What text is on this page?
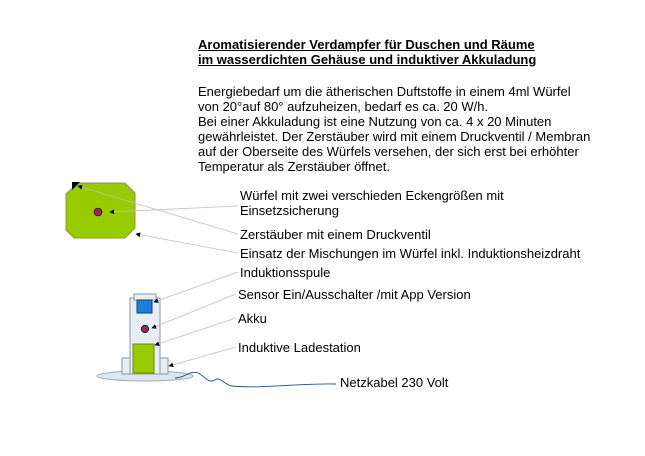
Aromatisierender Verdampfer für Duschen und Räume
im wasserdichten Gehäuse und induktiver Akkuladung
Energiebedarf um die ätherischen Duftstoffe in einem 4ml Würfel
von 20°auf 80° aufzuheizen, bedarf es ca. 20 W/h.
Bei einer Akkuladung ist eine Nutzung von ca. 4 x 20 Minuten
gewährleistet. Der Zerstäuber wird mit einem Druckventil / Membran
auf der Oberseite des Würfels versehen, der sich erst bei erhöhter
Temperatur als Zerstäuber öffnet.
Würfel mit zwei verschieden Eckengrößen mit
Einsetzsicherung
Zerstäuber mit einem Druckventil
Einsatz der Mischungen im Würfel inkl. Induktionsheizdraht
Induktionsspule
Sensor Ein/Ausschalter /mit App Version
Akku
Induktive Ladestation
Netzkabel 230 Volt
